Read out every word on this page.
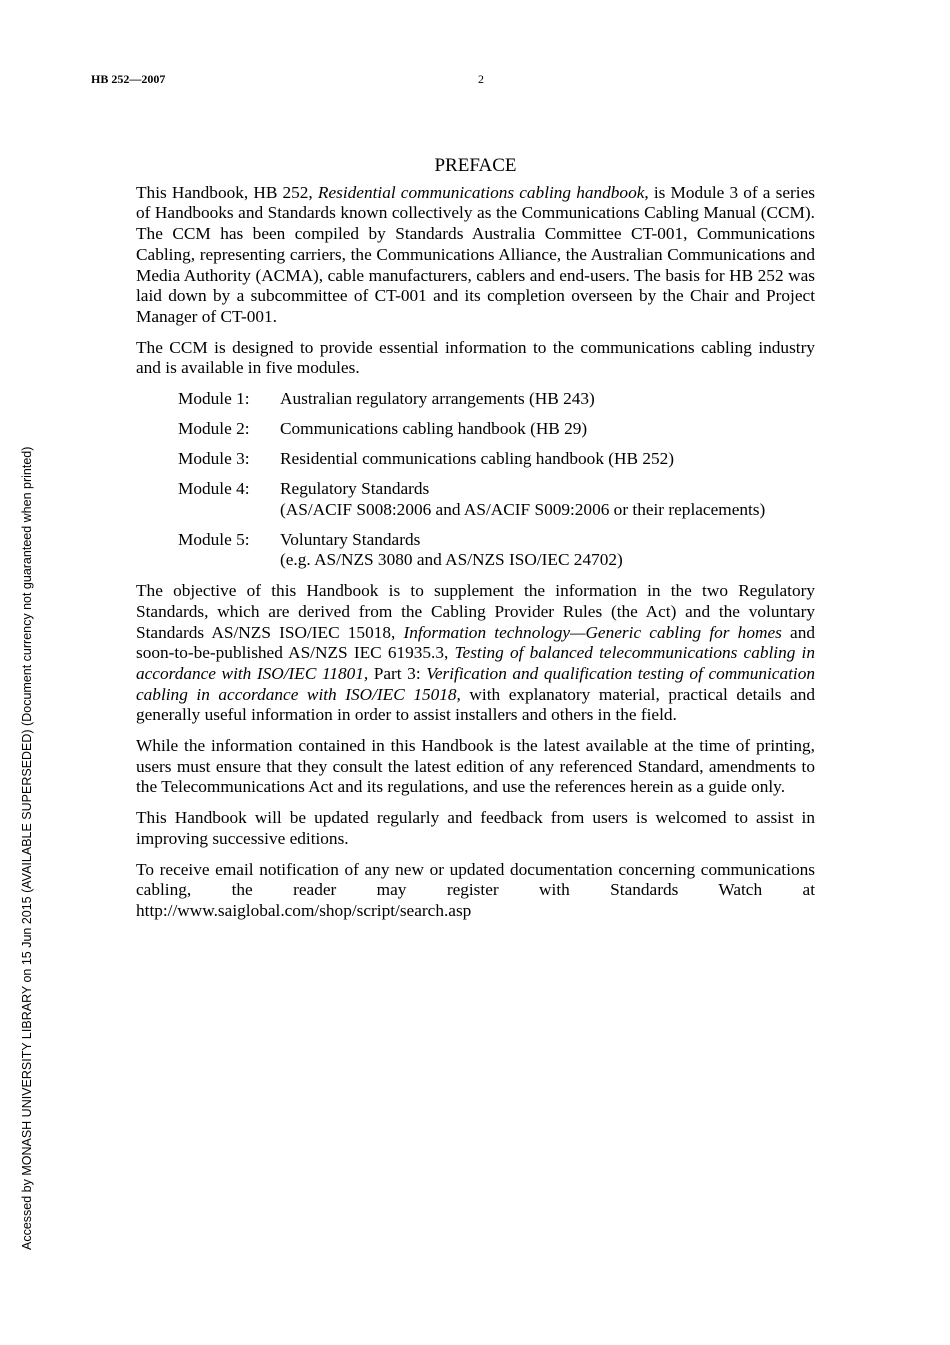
HB 252—2007	2
Accessed by MONASH UNIVERSITY LIBRARY on 15 Jun 2015 (AVAILABLE SUPERSEDED) (Document currency not guaranteed when printed)
PREFACE

This Handbook, HB 252, Residential communications cabling handbook, is Module 3 of a series of Handbooks and Standards known collectively as the Communications Cabling Manual (CCM). The CCM has been compiled by Standards Australia Committee CT-001, Communications Cabling, representing carriers, the Communications Alliance, the Australian Communications and Media Authority (ACMA), cable manufacturers, cablers and end-users. The basis for HB 252 was laid down by a subcommittee of CT-001 and its completion overseen by the Chair and Project Manager of CT-001.

The CCM is designed to provide essential information to the communications cabling industry and is available in five modules.

Module 1:	Australian regulatory arrangements (HB 243)
Module 2:	Communications cabling handbook (HB 29)
Module 3:	Residential communications cabling handbook (HB 252)
Module 4:	Regulatory Standards
(AS/ACIF S008:2006 and AS/ACIF S009:2006 or their replacements)
Module 5:	Voluntary Standards
(e.g. AS/NZS 3080 and AS/NZS ISO/IEC 24702)

The objective of this Handbook is to supplement the information in the two Regulatory Standards, which are derived from the Cabling Provider Rules (the Act) and the voluntary Standards AS/NZS ISO/IEC 15018, Information technology—Generic cabling for homes and soon-to-be-published AS/NZS IEC 61935.3, Testing of balanced telecommunications cabling in accordance with ISO/IEC 11801, Part 3: Verification and qualification testing of communication cabling in accordance with ISO/IEC 15018, with explanatory material, practical details and generally useful information in order to assist installers and others in the field.

While the information contained in this Handbook is the latest available at the time of printing, users must ensure that they consult the latest edition of any referenced Standard, amendments to the Telecommunications Act and its regulations, and use the references herein as a guide only.

This Handbook will be updated regularly and feedback from users is welcomed to assist in improving successive editions.

To receive email notification of any new or updated documentation concerning communications cabling, the reader may register with Standards Watch at http://www.saiglobal.com/shop/script/search.asp
